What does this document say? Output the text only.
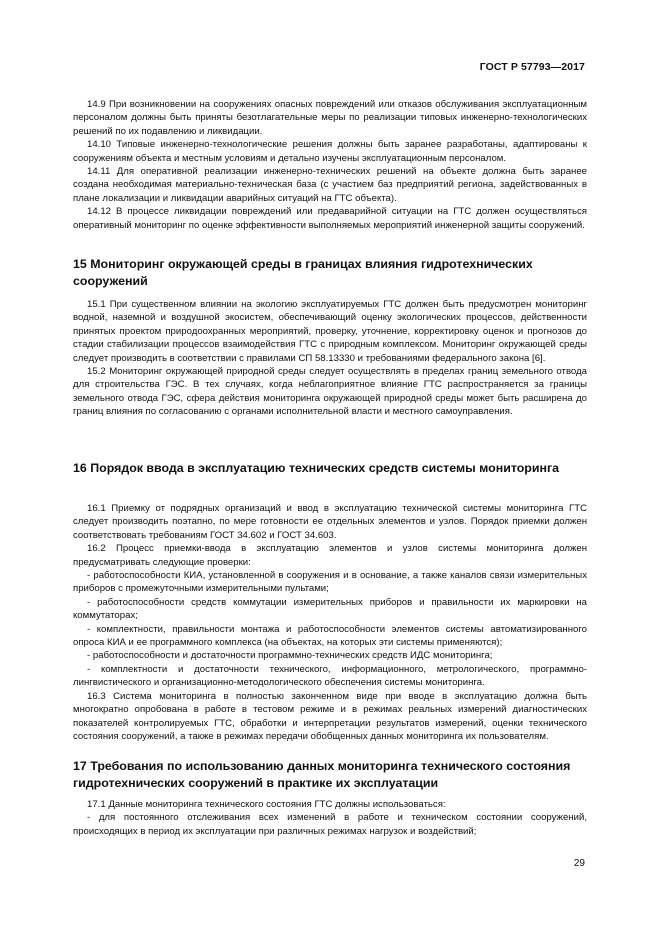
ГОСТ Р 57793—2017

14.9 При возникновении на сооружениях опасных повреждений или отказов обслуживания эксплуатационным персоналом должны быть приняты безотлагательные меры по реализации типовых инженерно-технологических решений по их подавлению и ликвидации.

14.10 Типовые инженерно-технологические решения должны быть заранее разработаны, адаптированы к сооружениям объекта и местным условиям и детально изучены эксплуатационным персоналом.

14.11 Для оперативной реализации инженерно-технических решений на объекте должна быть заранее создана необходимая материально-техническая база (с участием баз предприятий региона, задействованных в плане локализации и ликвидации аварийных ситуаций на ГТС объекта).

14.12 В процессе ликвидации повреждений или предаварийной ситуации на ГТС должен осуществляться оперативный мониторинг по оценке эффективности выполняемых мероприятий инженерной защиты сооружений.

15 Мониторинг окружающей среды в границах влияния гидротехнических сооружений

15.1 При существенном влиянии на экологию эксплуатируемых ГТС должен быть предусмотрен мониторинг водной, наземной и воздушной экосистем, обеспечивающий оценку экологических процессов, действенности принятых проектом природоохранных мероприятий, проверку, уточнение, корректировку оценок и прогнозов до стадии стабилизации процессов взаимодействия ГТС с природным комплексом. Мониторинг окружающей среды следует производить в соответствии с правилами СП 58.13330 и требованиями федерального закона [6].

15.2 Мониторинг окружающей природной среды следует осуществлять в пределах границ земельного отвода для строительства ГЭС. В тех случаях, когда неблагоприятное влияние ГТС распространяется за границы земельного отвода ГЭС, сфера действия мониторинга окружающей природной среды может быть расширена до границ влияния по согласованию с органами исполнительной власти и местного самоуправления.

16 Порядок ввода в эксплуатацию технических средств системы мониторинга

16.1 Приемку от подрядных организаций и ввод в эксплуатацию технической системы мониторинга ГТС следует производить поэтапно, по мере готовности ее отдельных элементов и узлов. Порядок приемки должен соответствовать требованиям ГОСТ 34.602 и ГОСТ 34.603.

16.2 Процесс приемки-ввода в эксплуатацию элементов и узлов системы мониторинга должен предусматривать следующие проверки:

- работоспособности КИА, установленной в сооружения и в основание, а также каналов связи измерительных приборов с промежуточными измерительными пультами;

- работоспособности средств коммутации измерительных приборов и правильности их маркировки на коммутаторах;

- комплектности, правильности монтажа и работоспособности элементов системы автоматизированного опроса КИА и ее программного комплекса (на объектах, на которых эти системы применяются);

- работоспособности и достаточности программно-технических средств ИДС мониторинга;

- комплектности и достаточности технического, информационного, метрологического, программно-лингвистического и организационно-методологического обеспечения системы мониторинга.

16.3 Система мониторинга в полностью законченном виде при вводе в эксплуатацию должна быть многократно опробована в работе в тестовом режиме и в режимах реальных измерений диагностических показателей контролируемых ГТС, обработки и интерпретации результатов измерений, оценки технического состояния сооружений, а также в режимах передачи обобщенных данных мониторинга их пользователям.

17 Требования по использованию данных мониторинга технического состояния гидротехнических сооружений в практике их эксплуатации

17.1 Данные мониторинга технического состояния ГТС должны использоваться:

- для постоянного отслеживания всех изменений в работе и техническом состоянии сооружений, происходящих в период их эксплуатации при различных режимах нагрузок и воздействий;

29
